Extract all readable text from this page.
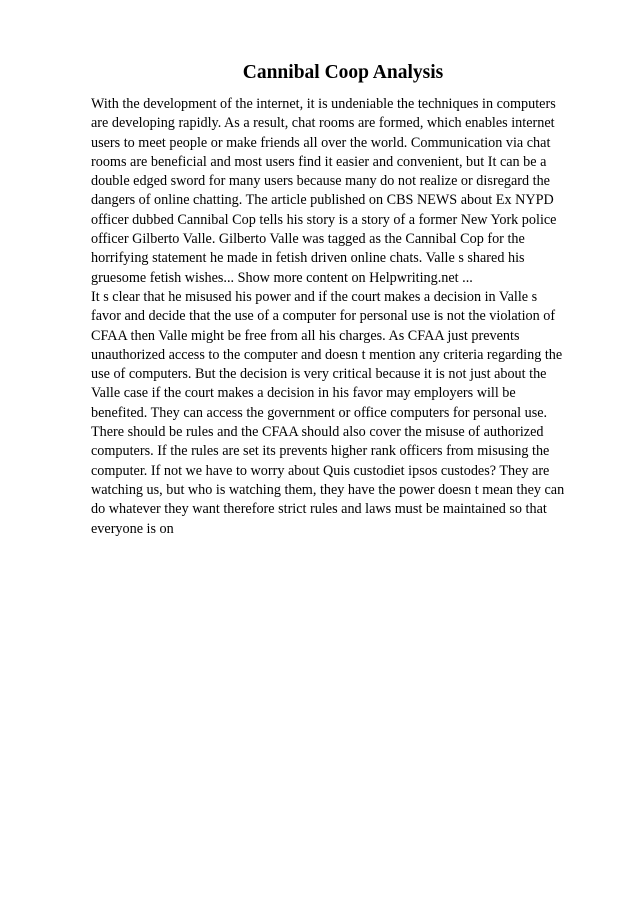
Cannibal Coop Analysis
With the development of the internet, it is undeniable the techniques in computers
are developing rapidly. As a result, chat rooms are formed, which enables internet
users to meet people or make friends all over the world. Communication via chat
rooms are beneficial and most users find it easier and convenient, but It can be a
double edged sword for many users because many do not realize or disregard the
dangers of online chatting. The article published on CBS NEWS about Ex NYPD
officer dubbed Cannibal Cop tells his story is a story of a former New York police
officer Gilberto Valle. Gilberto Valle was tagged as the Cannibal Cop for the
horrifying statement he made in fetish driven online chats. Valle s shared his
gruesome fetish wishes... Show more content on Helpwriting.net ...
It s clear that he misused his power and if the court makes a decision in Valle s
favor and decide that the use of a computer for personal use is not the violation of
CFAA then Valle might be free from all his charges. As CFAA just prevents
unauthorized access to the computer and doesn t mention any criteria regarding the
use of computers. But the decision is very critical because it is not just about the
Valle case if the court makes a decision in his favor may employers will be
benefited. They can access the government or office computers for personal use.
There should be rules and the CFAA should also cover the misuse of authorized
computers. If the rules are set its prevents higher rank officers from misusing the
computer. If not we have to worry about Quis custodiet ipsos custodes? They are
watching us, but who is watching them, they have the power doesn t mean they can
do whatever they want therefore strict rules and laws must be maintained so that
everyone is on
